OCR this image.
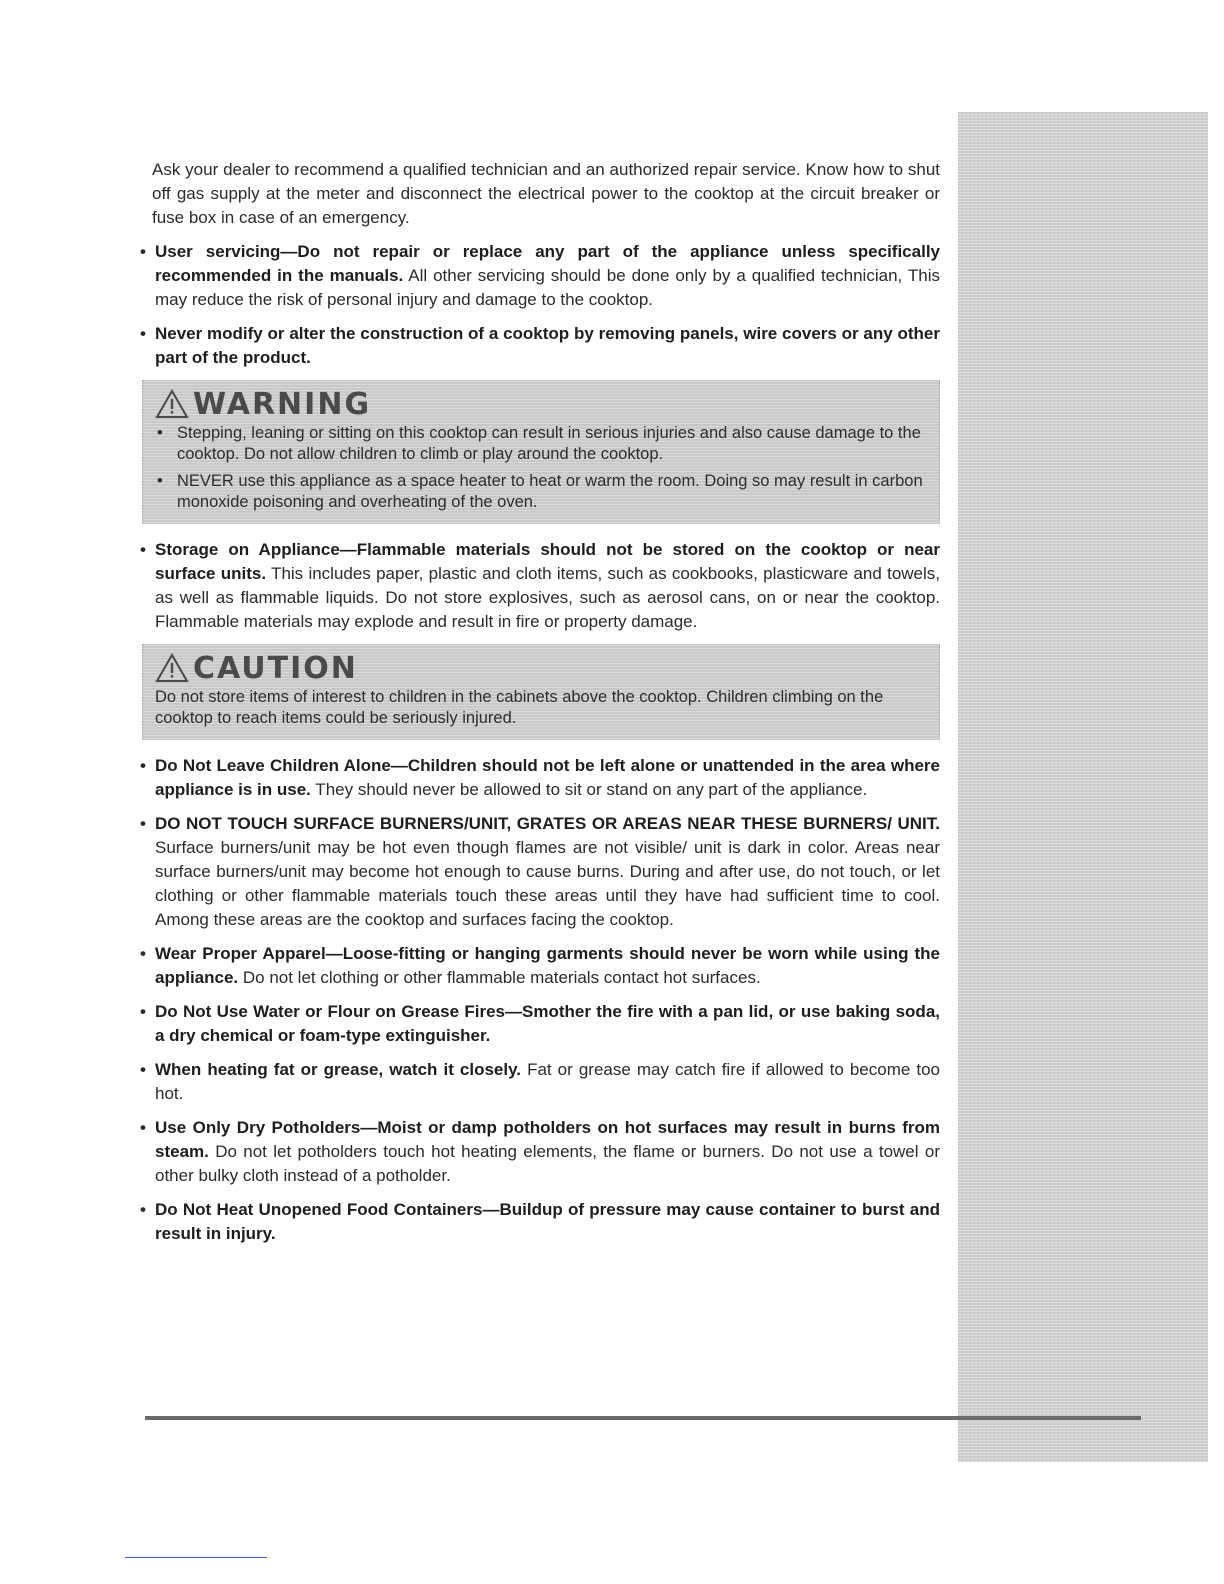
Ask your dealer to recommend a qualified technician and an authorized repair service. Know how to shut off gas supply at the meter and disconnect the electrical power to the cooktop at the circuit breaker or fuse box in case of an emergency.

• User servicing—Do not repair or replace any part of the appliance unless specifically recommended in the manuals. All other servicing should be done only by a qualified technician, This may reduce the risk of personal injury and damage to the cooktop.

• Never modify or alter the construction of a cooktop by removing panels, wire covers or any other part of the product.

WARNING

• Stepping, leaning or sitting on this cooktop can result in serious injuries and also cause damage to the cooktop. Do not allow children to climb or play around the cooktop.

• NEVER use this appliance as a space heater to heat or warm the room. Doing so may result in carbon monoxide poisoning and overheating of the oven.

• Storage on Appliance—Flammable materials should not be stored on the cooktop or near surface units. This includes paper, plastic and cloth items, such as cookbooks, plasticware and towels, as well as flammable liquids. Do not store explosives, such as aerosol cans, on or near the cooktop. Flammable materials may explode and result in fire or property damage.

CAUTION

Do not store items of interest to children in the cabinets above the cooktop. Children climbing on the cooktop to reach items could be seriously injured.

• Do Not Leave Children Alone—Children should not be left alone or unattended in the area where appliance is in use. They should never be allowed to sit or stand on any part of the appliance.

• DO NOT TOUCH SURFACE BURNERS/UNIT, GRATES OR AREAS NEAR THESE BURNERS/ UNIT. Surface burners/unit may be hot even though flames are not visible/ unit is dark in color. Areas near surface burners/unit may become hot enough to cause burns. During and after use, do not touch, or let clothing or other flammable materials touch these areas until they have had sufficient time to cool. Among these areas are the cooktop and surfaces facing the cooktop.

• Wear Proper Apparel—Loose-fitting or hanging garments should never be worn while using the appliance. Do not let clothing or other flammable materials contact hot surfaces.

• Do Not Use Water or Flour on Grease Fires—Smother the fire with a pan lid, or use baking soda, a dry chemical or foam-type extinguisher.

• When heating fat or grease, watch it closely. Fat or grease may catch fire if allowed to become too hot.

• Use Only Dry Potholders—Moist or damp potholders on hot surfaces may result in burns from steam. Do not let potholders touch hot heating elements, the flame or burners. Do not use a towel or other bulky cloth instead of a potholder.

• Do Not Heat Unopened Food Containers—Buildup of pressure may cause container to burst and result in injury.
